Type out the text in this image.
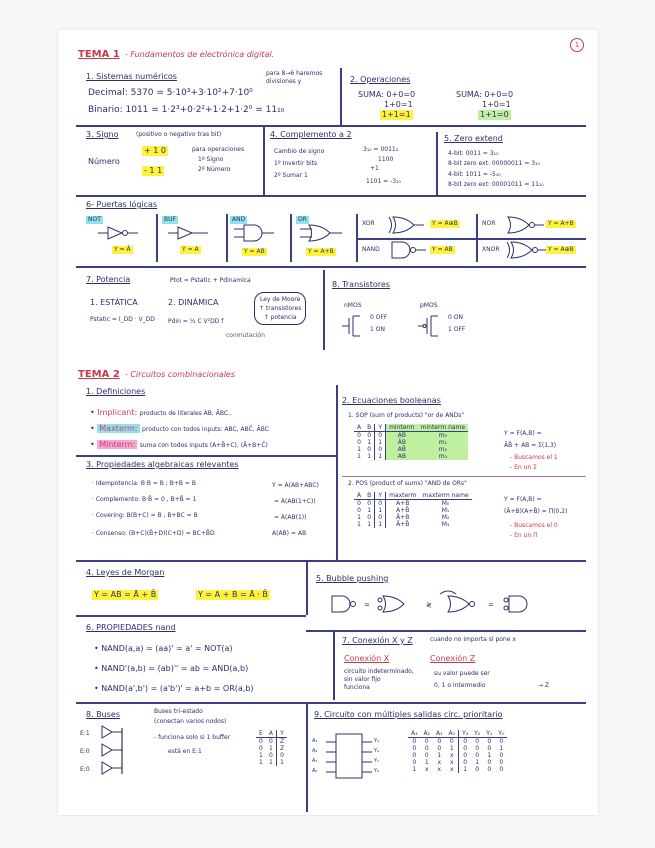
TEMA 1 - Fundamentos de electrónica digital.
1
1. Sistemas numéricos
Decimal: 5370 = 5·10³+3·10²+7·10⁰
Binario: 1011 = 1·2³+0·2²+1·2+1·2⁰ = 11₁₀
para 8→6 haremos divisiones y	2. Operaciones
SUMA: 0+0=0
1+0=1
1+1=1
SUMA: 0+0=0
1+0=1
1+1=0
3. Signo	(positivo o negativo tras bit)
Número
+ 1 0
- 1 1
para operaciones
1º Signo
2º Número
4. Complemento a 2
Cambio de signo
1º Invertir bits
2º Sumar 1
3₁₀ = 0011₂
1100
+1
1101 = -3₁₀
5. Zero extend
4-bit: 0011 = 3₁₀
8-bit zero ext: 00000011 = 3₁₀
4-bit: 1011 = -5₁₀
8-bit zero ext: 00001011 = 11₁₀
6- Puertas lógicas
NOT
Y = Ā
BUF
Y = A
AND
Y = AB
OR
Y = A+B
XOR	Y = A⊕B	NOR	Y = A+B
NAND	Y = AB	XNOR	Y = A⊕B
7. Potencia	Ptot = Pstatic + Pdinamica
1. ESTÁTICA
Pstatic = I_DD · V_DD
2. DINÁMICA
Pdin = ½ C V²DD f
conmutación
Ley de Moore
↑ transistores
↑ potencia
8. Transistores
nMOS	pMOS
0 OFF
1 ON
0 ON
1 OFF
TEMA 2 - Circuitos combinacionales
1. Definiciones
• Implicant: producto de literales AB, ĀBC..
• Maxterm: producto con todos inputs: ABC, ABC̄, ĀBC
• Minterm: suma con todos inputs (A+B̄+C), (Ā+B+C̄)
2. Ecuaciones booleanas
1. SOP (sum of products) "or de ANDs"
A	B	Y	minterm	minterm name
0	0	0	ĀB̄	m₀
0	1	1	ĀB	m₁
1	0	0	AB̄	m₂
1	1	1	AB	m₃
Y = F(A,B) =
ĀB̄ + AB = Σ(1,3)
- Buscamos el 1
- En un Σ
2. POS (product of sums) "AND de ORs"
A	B	Y	maxterm	maxterm name
0	0	0	A+B	M₀
0	1	1	A+B̄	M₁
1	0	0	Ā+B	M₂
1	1	1	Ā+B̄	M₃
Y = F(A,B) =
(Ā+B)(A+B̄) = Π(0,2)
- Buscamos el 0
- En un Π
3. Propiedades algebraicas relevantes
· Idempotencia: B·B = B ; B+B = B
· Complemento: B·B̄ = 0 , B+B̄ = 1
· Covering: B(B+C) = B , B+BC = B
· Consenso: (B+C)(B̄+D)(C+D) = BC+B̄D
Y = A(AB+ABC)
= A(AB(1+C))
= A(AB(1))
A(AB) = AB
4. Leyes de Morgan
Y = AB = Ā + B̄	Y = A + B = Ā · B̄
5. Bubble pushing
=	≷	=
6. PROPIEDADES nand
• NAND(a,a) = (aa)' = a' = NOT(a)
• NAND'(a,b) = (ab)'' = ab = AND(a,b)
• NAND(a',b') = (a'b')' = a+b = OR(a,b)
7. Conexión X y Z	cuando no importa sí pone x
Conexión X
circuito indeterminado, sin valor fijo
funciona
Conexión Z
su valor puede ser
0, 1 o intermedio	→ Z
8. Buses	Buses tri-estado
(conectan varios nodos)
- funciona solo si 1 buffer
está en E:1
E:1
E:0
E:0
E	A	Y
0	0	Z
0	1	Z
1	0	0
1	1	1
9. Circuito con múltiples salidas circ. prioritario
A₃
A₂
A₁
A₀
Y₃
Y₂
Y₁
Y₀
A₃	A₂	A₁	A₀	Y₃	Y₂	Y₁	Y₀
0	0	0	0	0	0	0	0
0	0	0	1	0	0	0	1
0	0	1	x	0	0	1	0
0	1	x	x	0	1	0	0
1	x	x	x	1	0	0	0
